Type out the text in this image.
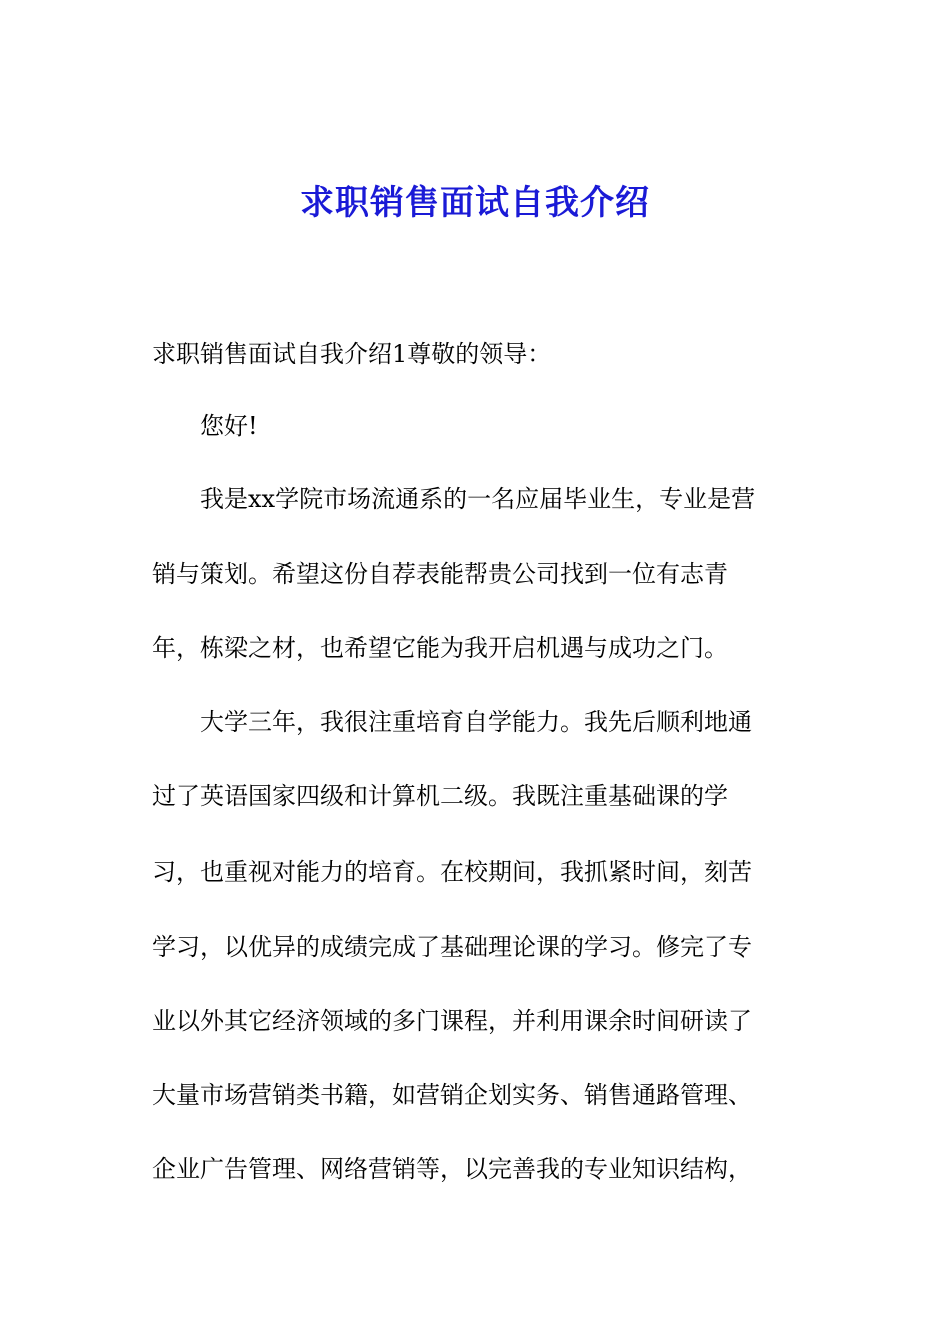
求职销售面试自我介绍

求职销售面试自我介绍1尊敬的领导：

您好!

我是xx学院市场流通系的一名应届毕业生，专业是营

销与策划。希望这份自荐表能帮贵公司找到一位有志青

年，栋梁之材，也希望它能为我开启机遇与成功之门。

大学三年，我很注重培育自学能力。我先后顺利地通

过了英语国家四级和计算机二级。我既注重基础课的学

习，也重视对能力的培育。在校期间，我抓紧时间，刻苦

学习，以优异的成绩完成了基础理论课的学习。修完了专

业以外其它经济领域的多门课程，并利用课余时间研读了

大量市场营销类书籍，如营销企划实务、销售通路管理、

企业广告管理、网络营销等，以完善我的专业知识结构，
